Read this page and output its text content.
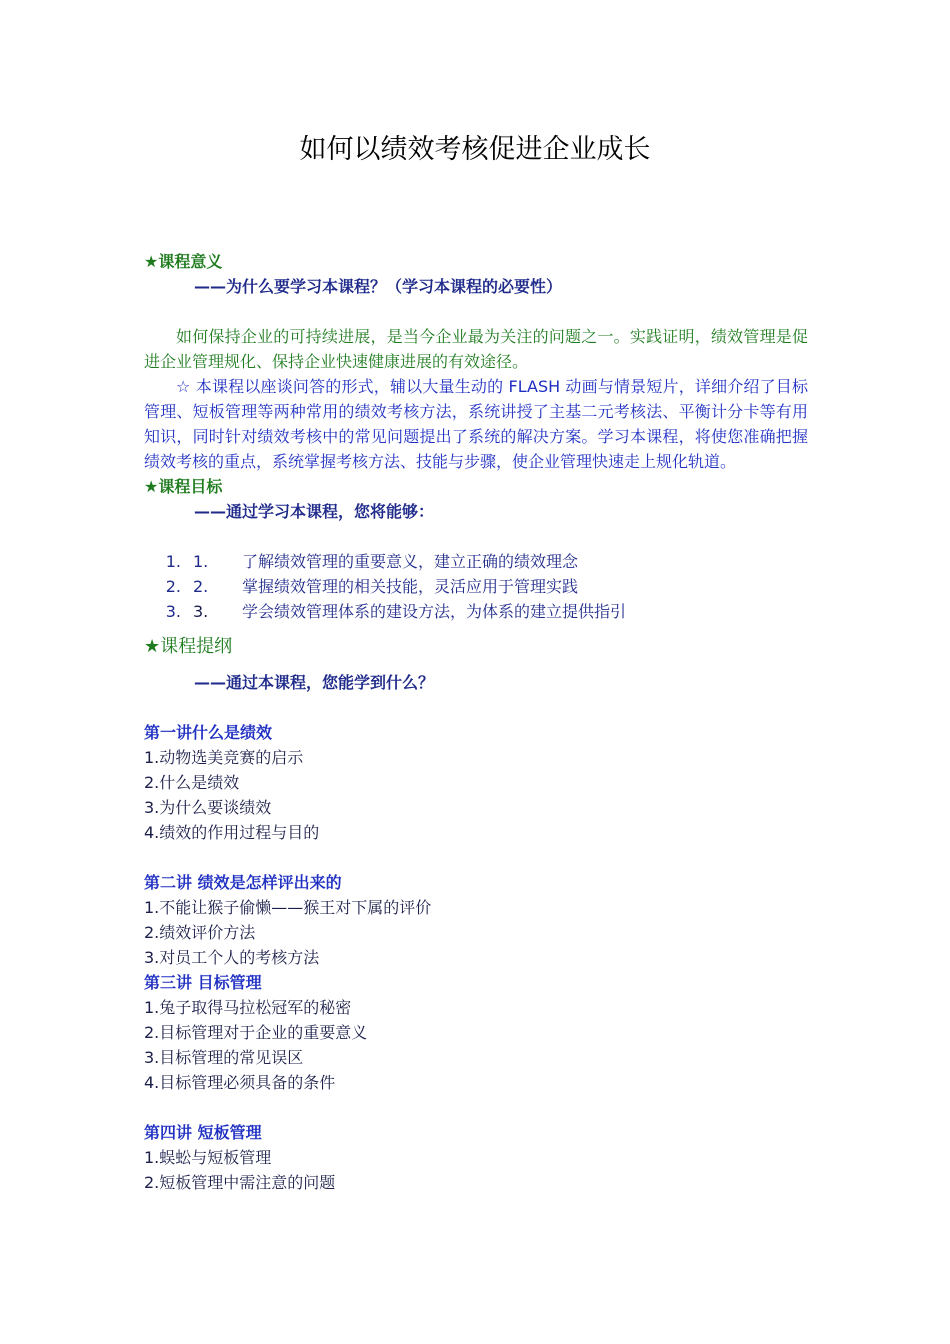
如何以绩效考核促进企业成长
★课程意义
——为什么要学习本课程？（学习本课程的必要性）
如何保持企业的可持续进展，是当今企业最为关注的问题之一。实践证明，绩效管理是促进企业管理规化、保持企业快速健康进展的有效途径。
☆ 本课程以座谈问答的形式，辅以大量生动的 FLASH 动画与情景短片，详细介绍了目标管理、短板管理等两种常用的绩效考核方法，系统讲授了主基二元考核法、平衡计分卡等有用知识，同时针对绩效考核中的常见问题提出了系统的解决方案。学习本课程，将使您准确把握绩效考核的重点，系统掌握考核方法、技能与步骤，使企业管理快速走上规化轨道。
★课程目标
——通过学习本课程，您将能够：
1. 1.	了解绩效管理的重要意义，建立正确的绩效理念
2. 2.	掌握绩效管理的相关技能，灵活应用于管理实践
3. 3.	学会绩效管理体系的建设方法，为体系的建立提供指引
★课程提纲
——通过本课程，您能学到什么？
第一讲什么是绩效
1.动物选美竞赛的启示
2.什么是绩效
3.为什么要谈绩效
4.绩效的作用过程与目的
第二讲 绩效是怎样评出来的
1.不能让猴子偷懒——猴王对下属的评价
2.绩效评价方法
3.对员工个人的考核方法
第三讲 目标管理
1.兔子取得马拉松冠军的秘密
2.目标管理对于企业的重要意义
3.目标管理的常见误区
4.目标管理必须具备的条件
第四讲 短板管理
1.蜈蚣与短板管理
2.短板管理中需注意的问题
